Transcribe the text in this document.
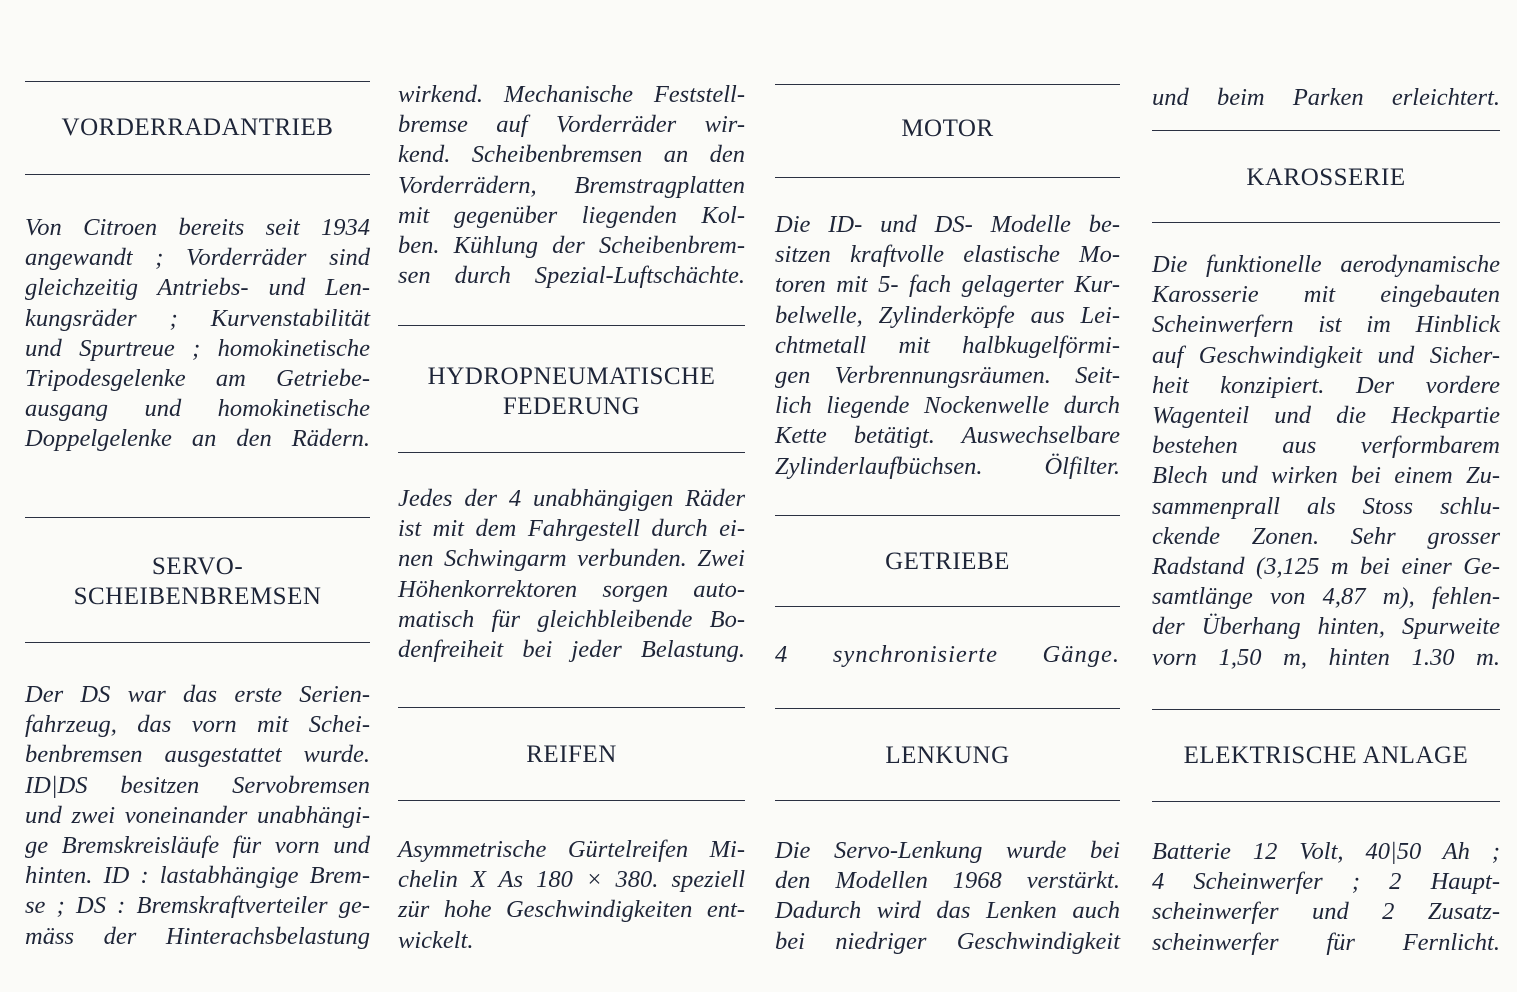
VORDERRADANTRIEB
Von Citroen bereits seit 1934
angewandt ; Vorderräder sind
gleichzeitig Antriebs- und Len-
kungsräder ; Kurvenstabilität
und Spurtreue ; homokinetische
Tripodesgelenke am Getriebe-
ausgang und homokinetische
Doppelgelenke an den Rädern.
SERVO-
SCHEIBENBREMSEN
Der DS war das erste Serien-
fahrzeug, das vorn mit Schei-
benbremsen ausgestattet wurde.
ID|DS besitzen Servobremsen
und zwei voneinander unabhängi-
ge Bremskreisläufe für vorn und
hinten. ID : lastabhängige Brem-
se ; DS : Bremskraftverteiler ge-
mäss der Hinterachsbelastung
wirkend. Mechanische Feststell-
bremse auf Vorderräder wir-
kend. Scheibenbremsen an den
Vorderrädern, Bremstragplatten
mit gegenüber liegenden Kol-
ben. Kühlung der Scheibenbrem-
sen durch Spezial-Luftschächte.
HYDROPNEUMATISCHE
FEDERUNG
Jedes der 4 unabhängigen Räder
ist mit dem Fahrgestell durch ei-
nen Schwingarm verbunden. Zwei
Höhenkorrektoren sorgen auto-
matisch für gleichbleibende Bo-
denfreiheit bei jeder Belastung.
REIFEN
Asymmetrische Gürtelreifen Mi-
chelin X As 180 × 380. speziell
zür hohe Geschwindigkeiten ent-
wickelt.
MOTOR
Die ID- und DS- Modelle be-
sitzen kraftvolle elastische Mo-
toren mit 5- fach gelagerter Kur-
belwelle, Zylinderköpfe aus Lei-
chtmetall mit halbkugelförmi-
gen Verbrennungsräumen. Seit-
lich liegende Nockenwelle durch
Kette betätigt. Auswechselbare
Zylinderlaufbüchsen. Ölfilter.
GETRIEBE
4 synchronisierte Gänge.
LENKUNG
Die Servo-Lenkung wurde bei
den Modellen 1968 verstärkt.
Dadurch wird das Lenken auch
bei niedriger Geschwindigkeit
und beim Parken erleichtert.
KAROSSERIE
Die funktionelle aerodynamische
Karosserie mit eingebauten
Scheinwerfern ist im Hinblick
auf Geschwindigkeit und Sicher-
heit konzipiert. Der vordere
Wagenteil und die Heckpartie
bestehen aus verformbarem
Blech und wirken bei einem Zu-
sammenprall als Stoss schlu-
ckende Zonen. Sehr grosser
Radstand (3,125 m bei einer Ge-
samtlänge von 4,87 m), fehlen-
der Überhang hinten, Spurweite
vorn 1,50 m, hinten 1.30 m.
ELEKTRISCHE ANLAGE
Batterie 12 Volt, 40|50 Ah ;
4 Scheinwerfer ; 2 Haupt-
scheinwerfer und 2 Zusatz-
scheinwerfer für Fernlicht.
